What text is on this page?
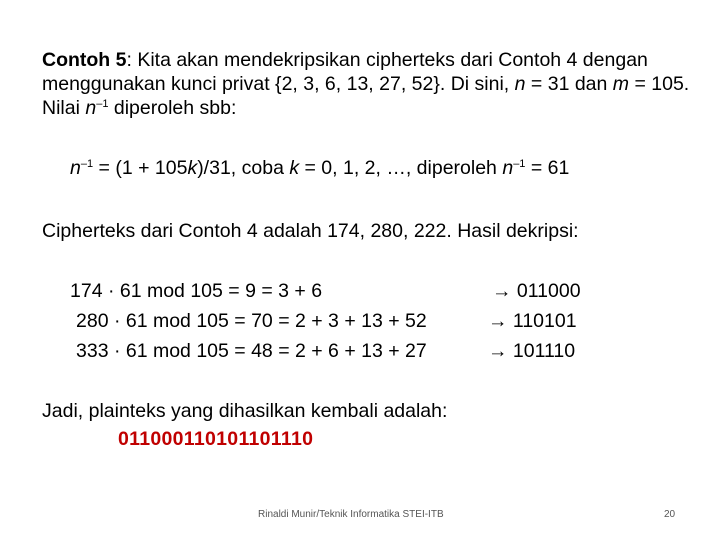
Contoh 5: Kita akan mendekripsikan cipherteks dari Contoh 4 dengan menggunakan kunci privat {2, 3, 6, 13, 27, 52}. Di sini, n = 31 dan m = 105. Nilai $n^{-1}$ diperoleh sbb:
$n^{-1} = (1 + 105k)/31$, coba k = 0, 1, 2, …, diperoleh $n^{-1} = 61$
Cipherteks dari Contoh 4 adalah 174, 280, 222. Hasil dekripsi:
174 · 61 mod 105 = 9 = 3 + 6	→ 011000
280 · 61 mod 105 = 70 = 2 + 3 + 13 + 52	→ 110101
333 · 61 mod 105 = 48 = 2 + 6 + 13 + 27	→ 101110
Jadi, plainteks yang dihasilkan kembali adalah:
011000110101101110
Rinaldi Munir/Teknik Informatika STEI-ITB	20
